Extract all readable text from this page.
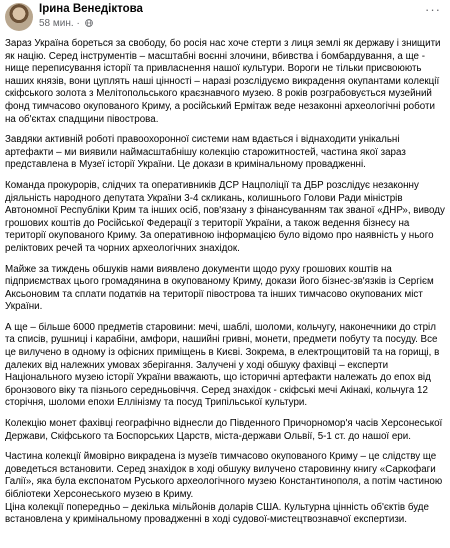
Ірина Венедіктова
58 мин. ·
···

Зараз Україна бореться за свободу, бо росія нас хоче стерти з лиця землі як державу і знищити як націю. Серед інструментів – масштабні воєнні злочини, вбивства і бомбардування, а ще - нище переписування історії та привласнення нашої культури. Вороги не тільки присвоюють наших князів, вони цуплять наші цінності – наразі розслідуємо викрадення окупантами колекції скіфського золота з Мелітопольського краєзнавчого музею. 8 років розграбовується музейний фонд тимчасово окупованого Криму, а російський Ермітаж веде незаконні археологічні роботи на об'єктах спадщини півострова.

Завдяки активній роботі правоохоронної системи нам вдається і віднаходити унікальні артефакти – ми виявили наймасштабнішу колекцію старожитностей, частина якої зараз представлена в Музеї історії України. Це докази в кримінальному провадженні.

Команда прокурорів, слідчих та оперативників ДСР Нацполіції та ДБР розслідує незаконну діяльність народного депутата України 3-4 скликань, колишнього Голови Ради міністрів Автономної Республіки Крим та інших осіб, пов'язану з фінансуванням так званої «ДНР», виводу грошових коштів до Російської Федерації з території України, а також ведення бізнесу на території окупованого Криму. За оперативною інформацією було відомо про наявність у нього реліктових речей та чорних археологічних знахідок.

Майже за тиждень обшуків нами виявлено документи щодо руху грошових коштів на підприємствах цього громадянина в окупованому Криму, докази його бізнес-зв'язків із Сергієм Аксьоновим та сплати податків на території півострова та інших тимчасово окупованих міст України.

А ще – більше 6000 предметів старовини: мечі, шаблі, шоломи, кольчугу, наконечники до стріл та списів, рушниці і карабіни, амфори, нашийні гривні, монети, предмети побуту та посуду. Все це вилучено в одному із офісних приміщень в Києві. Зокрема, в електрощитовій та на горищі, в далеких від належних умовах зберігання. Залучені у ході обшуку фахівці – експерти Національного музею історії України вважають, що історичні артефакти належать до епох від бронзового віку та пізнього середньовіччя. Серед знахідок - скіфські мечі Акінакі, кольчуга 12 сторічня, шоломи епохи Еллінізму та посуд Трипільської культури.

Колекцію монет фахівці географічно віднесли до Південного Причорномор'я часів Херсонеської Держави, Скіфського та Боспорських Царств, міста-держави Ольвії, 5-1 ст. до нашої ери.

Частина колекції ймовірно викрадена із музеїв тимчасово окупованого Криму – це слідству ще доведеться встановити. Серед знахідок в ході обшуку вилучено старовинну книгу «Саркофаги Галії», яка була експонатом Руського археологічного музею Константинополя, а потім частиною бібліотеки Херсонеського музею в Криму.
Ціна колекції попередньо – декілька мільйонів доларів США. Культурна цінність об'єктів буде встановлена у кримінальному провадженні в ході судової-мистецтвознавчої експертизи.
